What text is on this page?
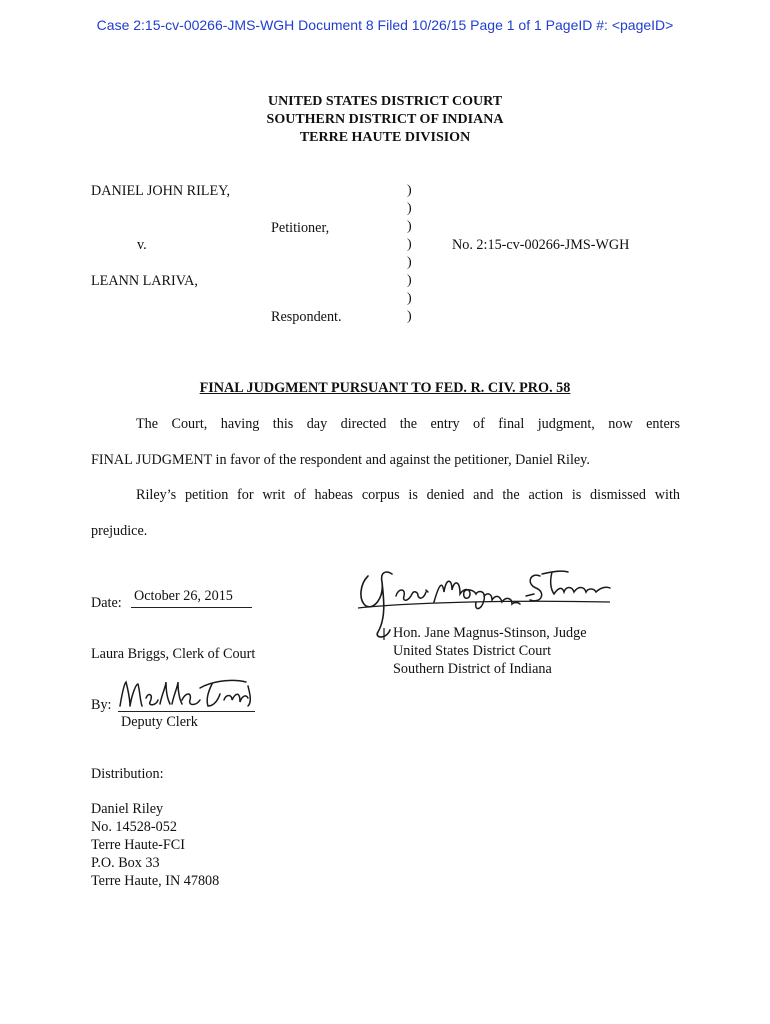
Case 2:15-cv-00266-JMS-WGH Document 8 Filed 10/26/15 Page 1 of 1 PageID #: <pageID>
UNITED STATES DISTRICT COURT
SOUTHERN DISTRICT OF INDIANA
TERRE HAUTE DIVISION
DANIEL JOHN RILEY,
Petitioner,
v.
LEANN LARIVA,
Respondent.
No. 2:15-cv-00266-JMS-WGH
)
)
)
)
)
)
)
)
FINAL JUDGMENT PURSUANT TO FED. R. CIV. PRO. 58
The Court, having this day directed the entry of final judgment, now enters
FINAL JUDGMENT in favor of the respondent and against the petitioner, Daniel Riley.
Riley’s petition for writ of habeas corpus is denied and the action is dismissed with
prejudice.
Date: October 26, 2015
Hon. Jane Magnus-Stinson, Judge
United States District Court
Southern District of Indiana
Laura Briggs, Clerk of Court
By:
Deputy Clerk
Distribution:
Daniel Riley
No. 14528-052
Terre Haute-FCI
P.O. Box 33
Terre Haute, IN 47808
